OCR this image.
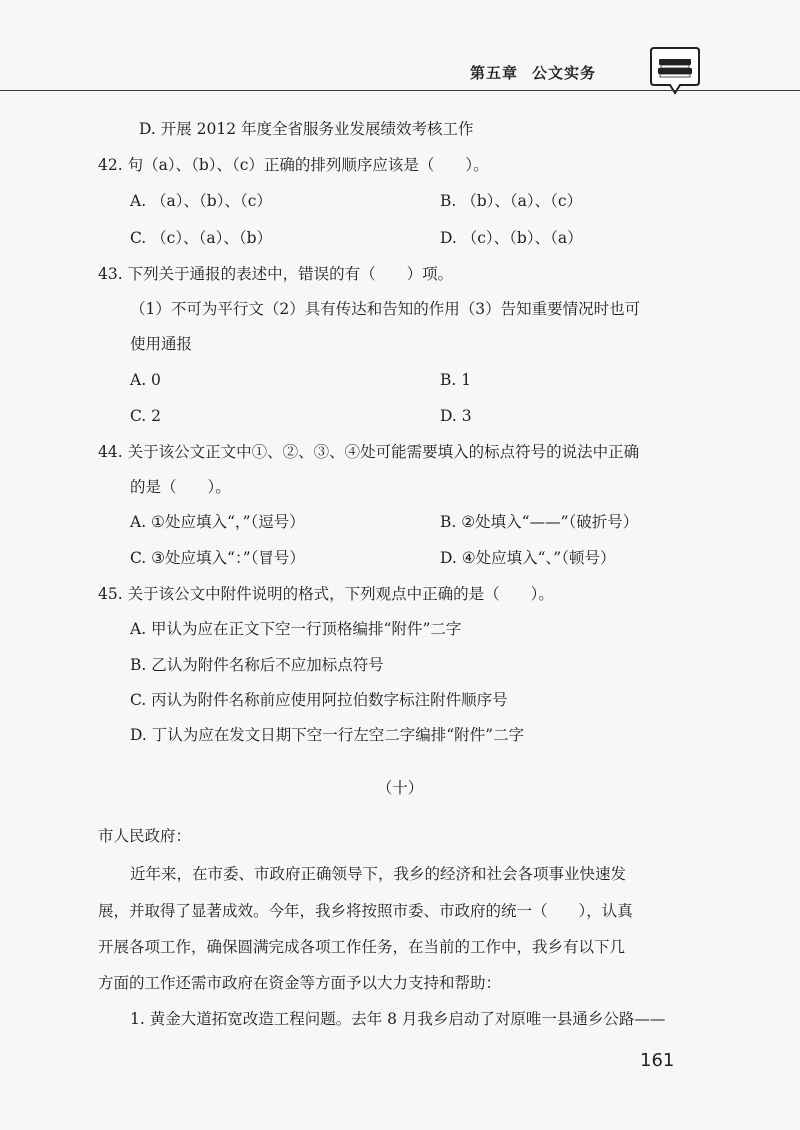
第五章 公文实务
D. 开展 2012 年度全省服务业发展绩效考核工作
42. 句（a）、（b）、（c）正确的排列顺序应该是（　　）。
A. （a）、（b）、（c）	B. （b）、（a）、（c）
C. （c）、（a）、（b）	D. （c）、（b）、（a）
43. 下列关于通报的表述中，错误的有（　　）项。
（1）不可为平行文（2）具有传达和告知的作用（3）告知重要情况时也可
使用通报
A. 0	B. 1
C. 2	D. 3
44. 关于该公文正文中①、②、③、④处可能需要填入的标点符号的说法中正确
的是（　　）。
A. ①处应填入“，”（逗号）	B. ②处填入“——”（破折号）
C. ③处应填入“：”（冒号）	D. ④处应填入“、”（顿号）
45. 关于该公文中附件说明的格式，下列观点中正确的是（　　）。
A. 甲认为应在正文下空一行顶格编排“附件”二字
B. 乙认为附件名称后不应加标点符号
C. 丙认为附件名称前应使用阿拉伯数字标注附件顺序号
D. 丁认为应在发文日期下空一行左空二字编排“附件”二字
（十）
市人民政府：
近年来，在市委、市政府正确领导下，我乡的经济和社会各项事业快速发
展，并取得了显著成效。今年，我乡将按照市委、市政府的统一（　　），认真
开展各项工作，确保圆满完成各项工作任务，在当前的工作中，我乡有以下几
方面的工作还需市政府在资金等方面予以大力支持和帮助：
1. 黄金大道拓宽改造工程问题。去年 8 月我乡启动了对原唯一县通乡公路——
161
